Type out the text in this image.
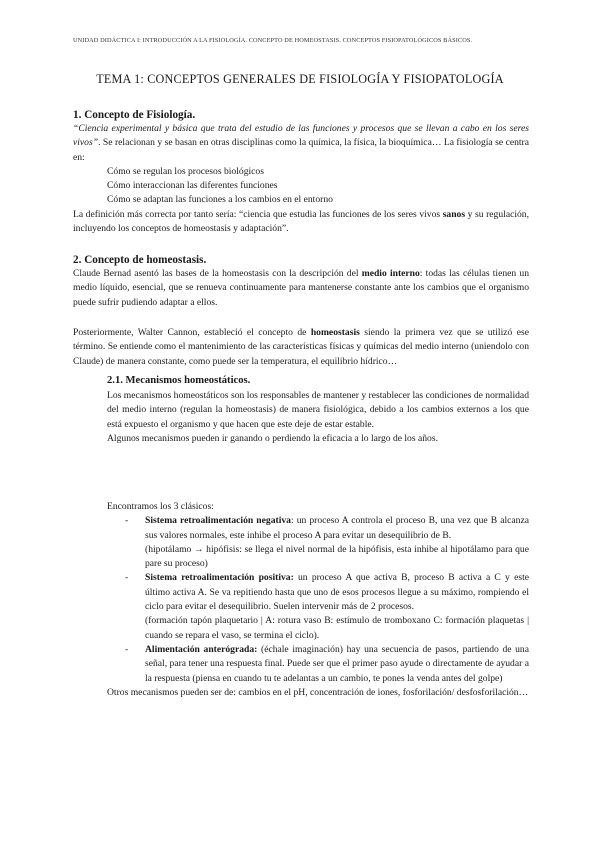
UNIDAD DIDÁCTICA I: INTRODUCCIÓN A LA FISIOLOGÍA. CONCEPTO DE HOMEOSTASIS. CONCEPTOS FISIOPATOLÓGICOS BÁSICOS.
TEMA 1: CONCEPTOS GENERALES DE FISIOLOGÍA Y FISIOPATOLOGÍA
1. Concepto de Fisiología.

“Ciencia experimental y básica que trata del estudio de las funciones y procesos que se llevan a cabo en los seres vivos”. Se relacionan y se basan en otras disciplinas como la química, la física, la bioquímica… La fisiología se centra en:

Cómo se regulan los procesos biológicos
Cómo interaccionan las diferentes funciones
Cómo se adaptan las funciones a los cambios en el entorno

La definición más correcta por tanto sería: “ciencia que estudia las funciones de los seres vivos sanos y su regulación, incluyendo los conceptos de homeostasis y adaptación”.

2. Concepto de homeostasis.

Claude Bernad asentó las bases de la homeostasis con la descripción del medio interno: todas las células tienen un medio líquido, esencial, que se renueva continuamente para mantenerse constante ante los cambios que el organismo puede sufrir pudiendo adaptar a ellos.

Posteriormente, Walter Cannon, estableció el concepto de homeostasis siendo la primera vez que se utilizó ese término. Se entiende como el mantenimiento de las características físicas y químicas del medio interno (uniendolo con Claude) de manera constante, como puede ser la temperatura, el equilibrio hídrico…

2.1. Mecanismos homeostáticos.

Los mecanismos homeostáticos son los responsables de mantener y restablecer las condiciones de normalidad del medio interno (regulan la homeostasis) de manera fisiológica, debido a los cambios externos a los que está expuesto el organismo y que hacen que este deje de estar estable.

Algunos mecanismos pueden ir ganando o perdiendo la eficacia a lo largo de los años.

Encontramos los 3 clásicos:

- Sistema retroalimentación negativa: un proceso A controla el proceso B, una vez que B alcanza sus valores normales, este inhibe el proceso A para evitar un desequilibrio de B.
(hipotálamo → hipófisis: se llega el nivel normal de la hipófisis, esta inhibe al hipotálamo para que pare su proceso)
- Sistema retroalimentación positiva: un proceso A que activa B, proceso B activa a C y este último activa A. Se va repitiendo hasta que uno de esos procesos llegue a su máximo, rompiendo el ciclo para evitar el desequilibrio. Suelen intervenir más de 2 procesos.
(formación tapón plaquetario | A: rotura vaso B: estímulo de tromboxano C: formación plaquetas | cuando se repara el vaso, se termina el ciclo).
- Alimentación anterógrada: (échale imaginación) hay una secuencia de pasos, partiendo de una señal, para tener una respuesta final. Puede ser que el primer paso ayude o directamente de ayudar a la respuesta (piensa en cuando tu te adelantas a un cambio, te pones la venda antes del golpe)

Otros mecanismos pueden ser de: cambios en el pH, concentración de iones, fosforilación/ desfosforilación…
